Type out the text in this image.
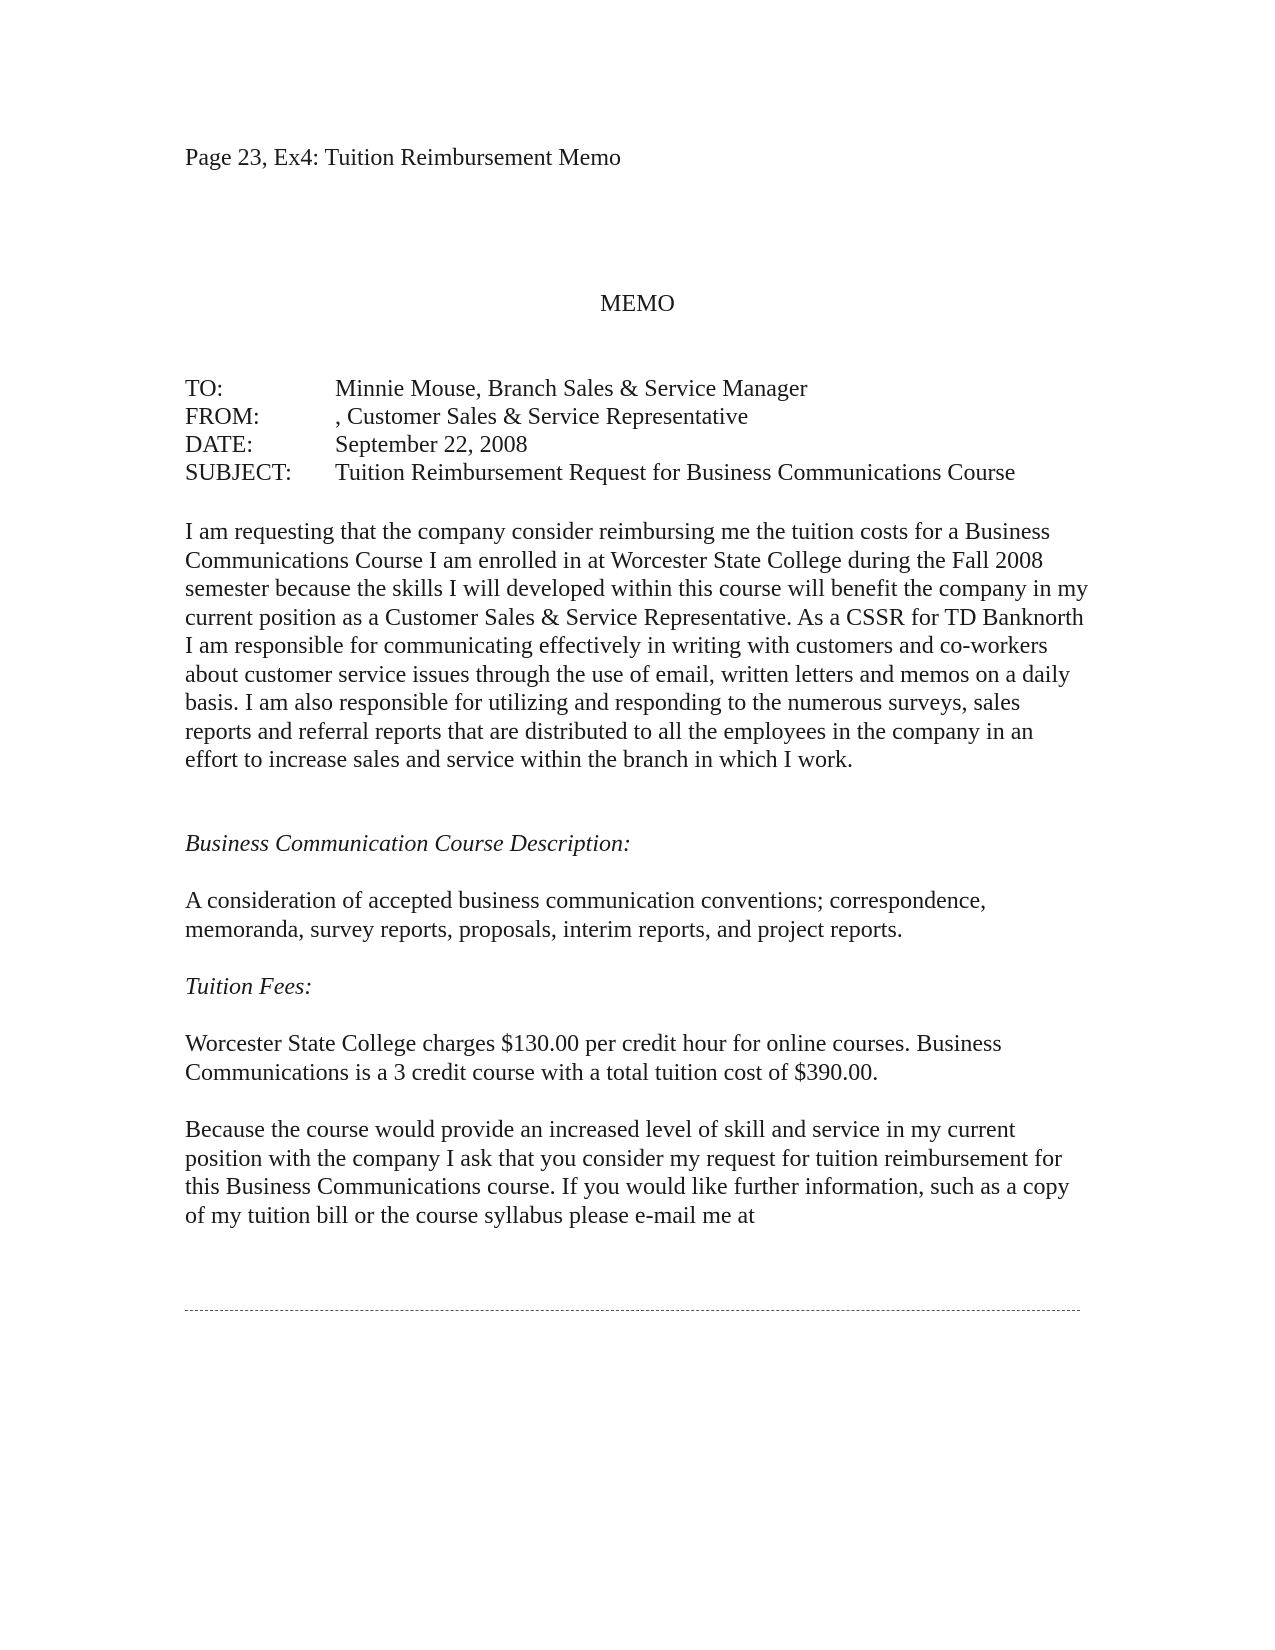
Page 23, Ex4: Tuition Reimbursement Memo
MEMO
TO:	Minnie Mouse, Branch Sales & Service Manager
FROM:	, Customer Sales & Service Representative
DATE:	September 22, 2008
SUBJECT:	Tuition Reimbursement Request for Business Communications Course

I am requesting that the company consider reimbursing me the tuition costs for a Business Communications Course I am enrolled in at Worcester State College during the Fall 2008 semester because the skills I will developed within this course will benefit the company in my current position as a Customer Sales & Service Representative. As a CSSR for TD Banknorth I am responsible for communicating effectively in writing with customers and co-workers about customer service issues through the use of email, written letters and memos on a daily basis. I am also responsible for utilizing and responding to the numerous surveys, sales reports and referral reports that are distributed to all the employees in the company in an effort to increase sales and service within the branch in which I work.

Business Communication Course Description:

A consideration of accepted business communication conventions; correspondence, memoranda, survey reports, proposals, interim reports, and project reports.

Tuition Fees:

Worcester State College charges $130.00 per credit hour for online courses. Business Communications is a 3 credit course with a total tuition cost of $390.00.

Because the course would provide an increased level of skill and service in my current position with the company I ask that you consider my request for tuition reimbursement for this Business Communications course. If you would like further information, such as a copy of my tuition bill or the course syllabus please e-mail me at
